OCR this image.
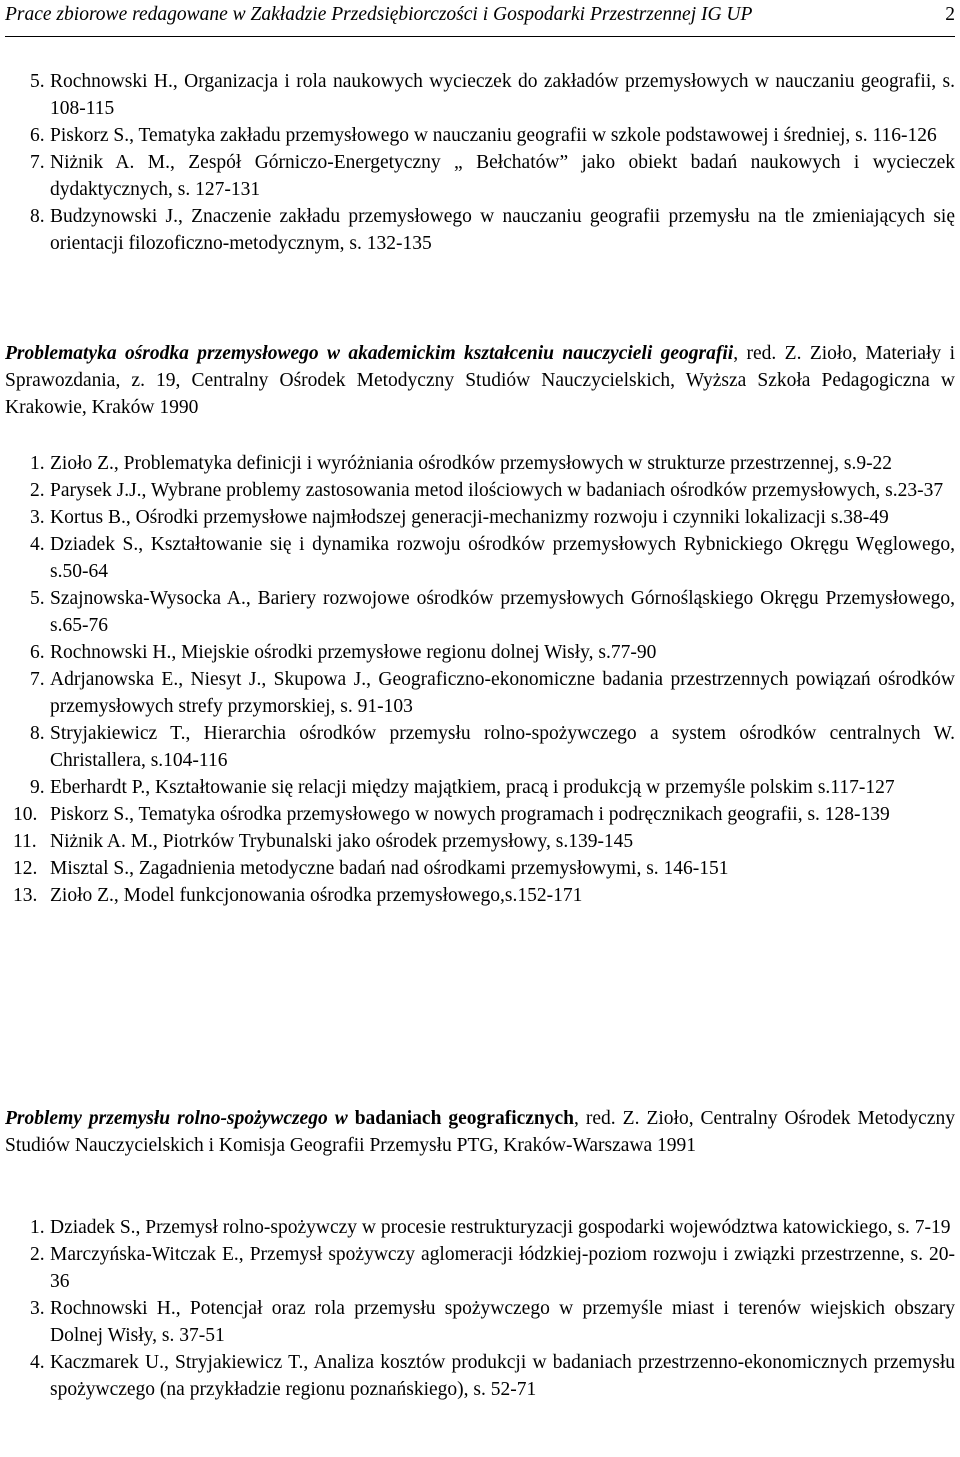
Prace zbiorowe redagowane w Zakładzie Przedsiębiorczości i Gospodarki Przestrzennej IG UP	2
5. Rochnowski H., Organizacja i rola naukowych wycieczek do zakładów przemysłowych w nauczaniu geografii, s. 108-115
6. Piskorz S., Tematyka zakładu przemysłowego w nauczaniu geografii w szkole podstawowej i średniej, s. 116-126
7. Niżnik A. M., Zespół Górniczo-Energetyczny „ Bełchatów” jako obiekt badań naukowych i wycieczek dydaktycznych, s. 127-131
8. Budzynowski J., Znaczenie zakładu przemysłowego w nauczaniu geografii przemysłu na tle zmieniających się orientacji filozoficzno-metodycznym, s. 132-135
Problematyka ośrodka przemysłowego w akademickim kształceniu nauczycieli geografii, red. Z. Zioło, Materiały i Sprawozdania, z. 19, Centralny Ośrodek Metodyczny Studiów Nauczycielskich, Wyższa Szkoła Pedagogiczna w Krakowie, Kraków 1990
1. Zioło Z., Problematyka definicji i wyróżniania ośrodków przemysłowych w strukturze przestrzennej, s.9-22
2. Parysek J.J., Wybrane problemy zastosowania metod ilościowych w badaniach ośrodków przemysłowych, s.23-37
3. Kortus B., Ośrodki przemysłowe najmłodszej generacji-mechanizmy rozwoju i czynniki lokalizacji s.38-49
4. Dziadek S., Kształtowanie się i dynamika rozwoju ośrodków przemysłowych Rybnickiego Okręgu Węglowego, s.50-64
5. Szajnowska-Wysocka A., Bariery rozwojowe ośrodków przemysłowych Górnośląskiego Okręgu Przemysłowego, s.65-76
6. Rochnowski H., Miejskie ośrodki przemysłowe regionu dolnej Wisły, s.77-90
7. Adrjanowska E., Niesyt J., Skupowa J., Geograficzno-ekonomiczne badania przestrzennych powiązań ośrodków przemysłowych strefy przymorskiej, s. 91-103
8. Stryjakiewicz T., Hierarchia ośrodków przemysłu rolno-spożywczego a system ośrodków centralnych W. Christallera, s.104-116
9. Eberhardt P., Kształtowanie się relacji między majątkiem, pracą i produkcją w przemyśle polskim s.117-127
10. Piskorz S., Tematyka ośrodka przemysłowego w nowych programach i podręcznikach geografii, s. 128-139
11. Niżnik A. M., Piotrków Trybunalski jako ośrodek przemysłowy, s.139-145
12. Misztal S., Zagadnienia metodyczne badań nad ośrodkami przemysłowymi, s. 146-151
13. Zioło Z., Model funkcjonowania ośrodka przemysłowego,s.152-171
Problemy przemysłu rolno-spożywczego w badaniach geograficznych, red. Z. Zioło, Centralny Ośrodek Metodyczny Studiów Nauczycielskich i Komisja Geografii Przemysłu PTG, Kraków-Warszawa 1991
1. Dziadek S., Przemysł rolno-spożywczy w procesie restrukturyzacji gospodarki województwa katowickiego, s. 7-19
2. Marczyńska-Witczak E., Przemysł spożywczy aglomeracji łódzkiej-poziom rozwoju i związki przestrzenne, s. 20-36
3. Rochnowski H., Potencjał oraz rola przemysłu spożywczego w przemyśle miast i terenów wiejskich obszary Dolnej Wisły, s. 37-51
4. Kaczmarek U., Stryjakiewicz T., Analiza kosztów produkcji w badaniach przestrzenno-ekonomicznych przemysłu spożywczego (na przykładzie regionu poznańskiego), s. 52-71
